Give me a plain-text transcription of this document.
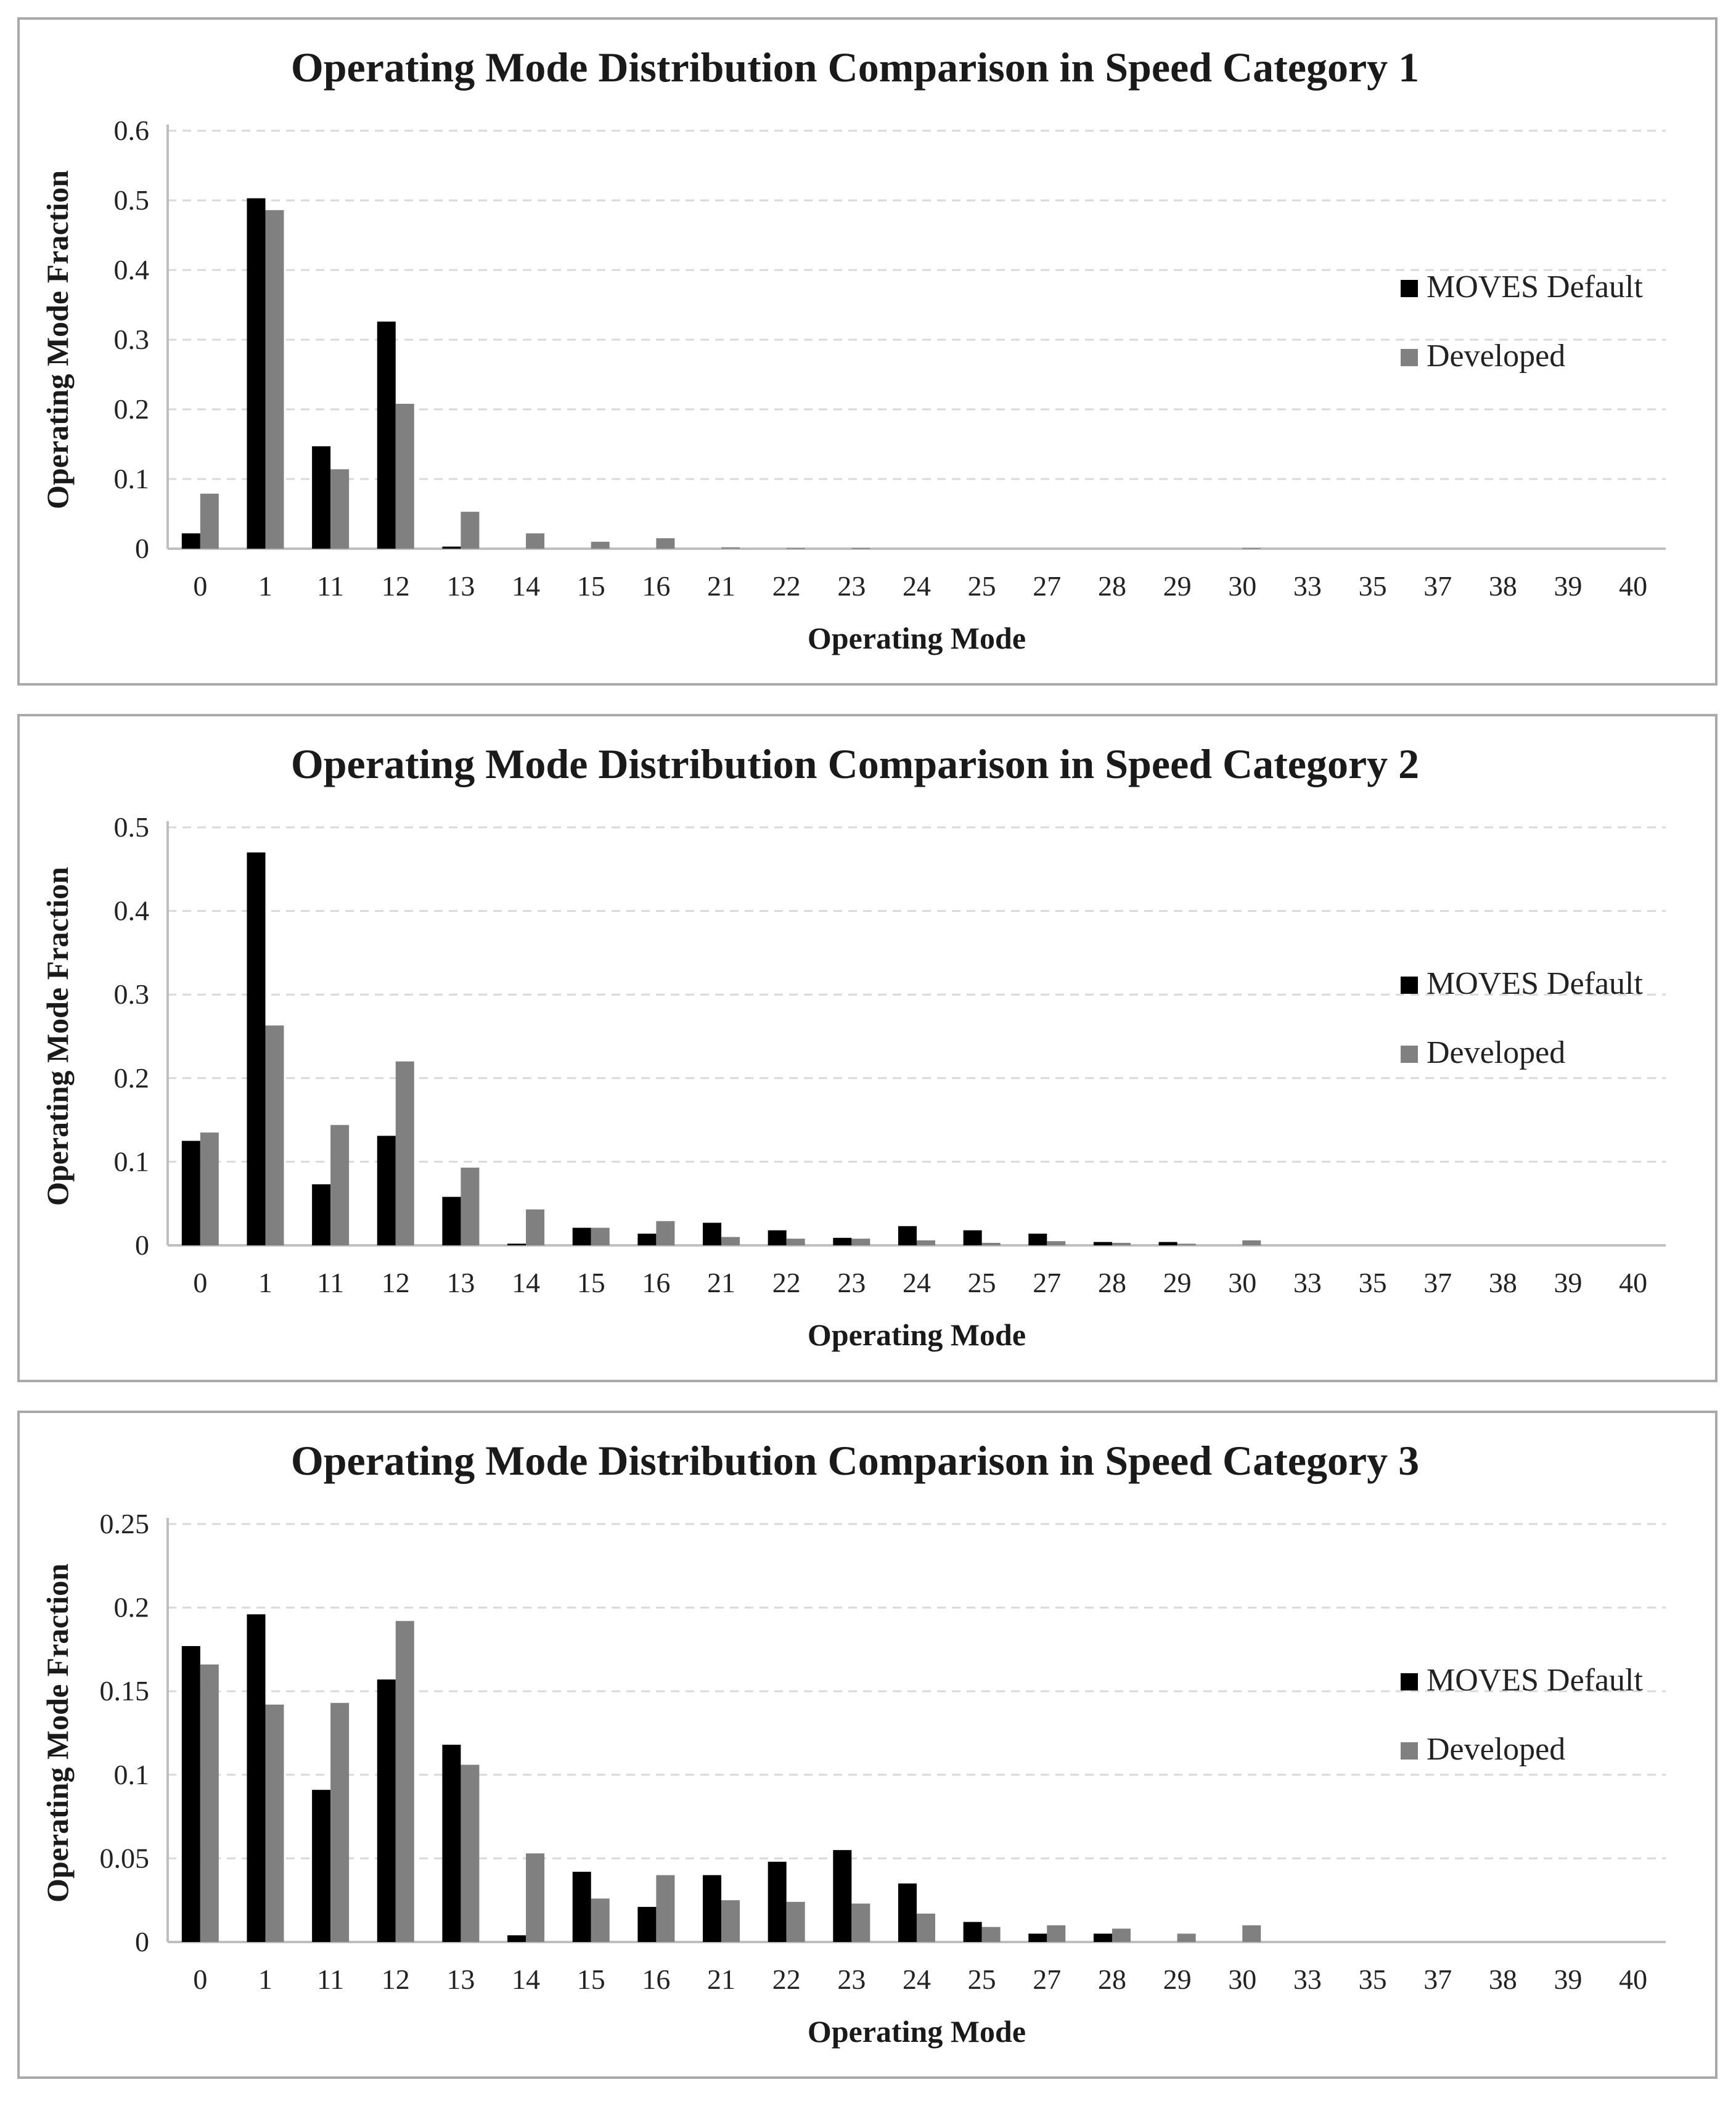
Operating Mode Distribution Comparison in Speed Category 1
0
0.1
0.2
0.3
0.4
0.5
0.6
0 1 11 12 13 14 15 16 21 22 23 24 25 27 28 29 30 33 35 37 38 39 40
Operating Mode
Operating Mode Fraction	MOVES Default
Developed
Operating Mode Distribution Comparison in Speed Category 2
0
0.1
0.2
0.3
0.4
0.5
0 1 11 12 13 14 15 16 21 22 23 24 25 27 28 29 30 33 35 37 38 39 40
Operating Mode
Operating Mode Fraction	MOVES Default
Developed
Operating Mode Distribution Comparison in Speed Category 3
0
0.05
0.1
0.15
0.2
0.25
0 1 11 12 13 14 15 16 21 22 23 24 25 27 28 29 30 33 35 37 38 39 40
Operating Mode
Operating Mode Fraction	MOVES Default
Developed
